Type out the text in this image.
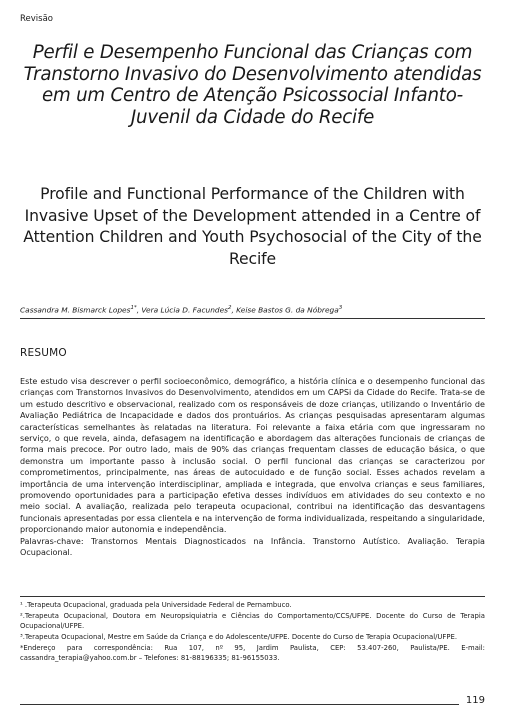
Revisão
Perfil e Desempenho Funcional das Crianças com Transtorno Invasivo do Desenvolvimento atendidas em um Centro de Atenção Psicossocial Infanto-Juvenil da Cidade do Recife
Profile and Functional Performance of the Children with Invasive Upset of the Development attended in a Centre of Attention Children and Youth Psychosocial of the City of the Recife
Cassandra M. Bismarck Lopes$^{1*}$, Vera Lúcia D. Facundes$^2$, Keise Bastos G. da Nóbrega$^3$
RESUMO

Este estudo visa descrever o perfil socioeconômico, demográfico, a história clínica e o desempenho funcional das crianças com Transtornos Invasivos do Desenvolvimento, atendidos em um CAPSi da Cidade do Recife. Trata-se de um estudo descritivo e observacional, realizado com os responsáveis de doze crianças, utilizando o Inventário de Avaliação Pediátrica de Incapacidade e dados dos prontuários. As crianças pesquisadas apresentaram algumas características semelhantes às relatadas na literatura. Foi relevante a faixa etária com que ingressaram no serviço, o que revela, ainda, defasagem na identificação e abordagem das alterações funcionais de crianças de forma mais precoce. Por outro lado, mais de 90% das crianças frequentam classes de educação básica, o que demonstra um importante passo à inclusão social. O perfil funcional das crianças se caracterizou por comprometimentos, principalmente, nas áreas de autocuidado e de função social. Esses achados revelam a importância de uma intervenção interdisciplinar, ampliada e integrada, que envolva crianças e seus familiares, promovendo oportunidades para a participação efetiva desses indivíduos em atividades do seu contexto e no meio social. A avaliação, realizada pelo terapeuta ocupacional, contribui na identificação das desvantagens funcionais apresentadas por essa clientela e na intervenção de forma individualizada, respeitando a singularidade, proporcionando maior autonomia e independência.

Palavras-chave: Transtornos Mentais Diagnosticados na Infância. Transtorno Autístico. Avaliação. Terapia Ocupacional.

¹ .Terapeuta Ocupacional, graduada pela Universidade Federal de Pernambuco.

².Terapeuta Ocupacional, Doutora em Neuropsiquiatria e Ciências do Comportamento/CCS/UFPE. Docente do Curso de Terapia Ocupacional/UFPE.

³.Terapeuta Ocupacional, Mestre em Saúde da Criança e do Adolescente/UFPE. Docente do Curso de Terapia Ocupacional/UFPE.

*Endereço para correspondência: Rua 107, nº 95, Jardim Paulista, CEP: 53.407-260, Paulista/PE. E-mail: cassandra_terapia@yahoo.com.br – Telefones: 81-88196335; 81-96155033.

119
